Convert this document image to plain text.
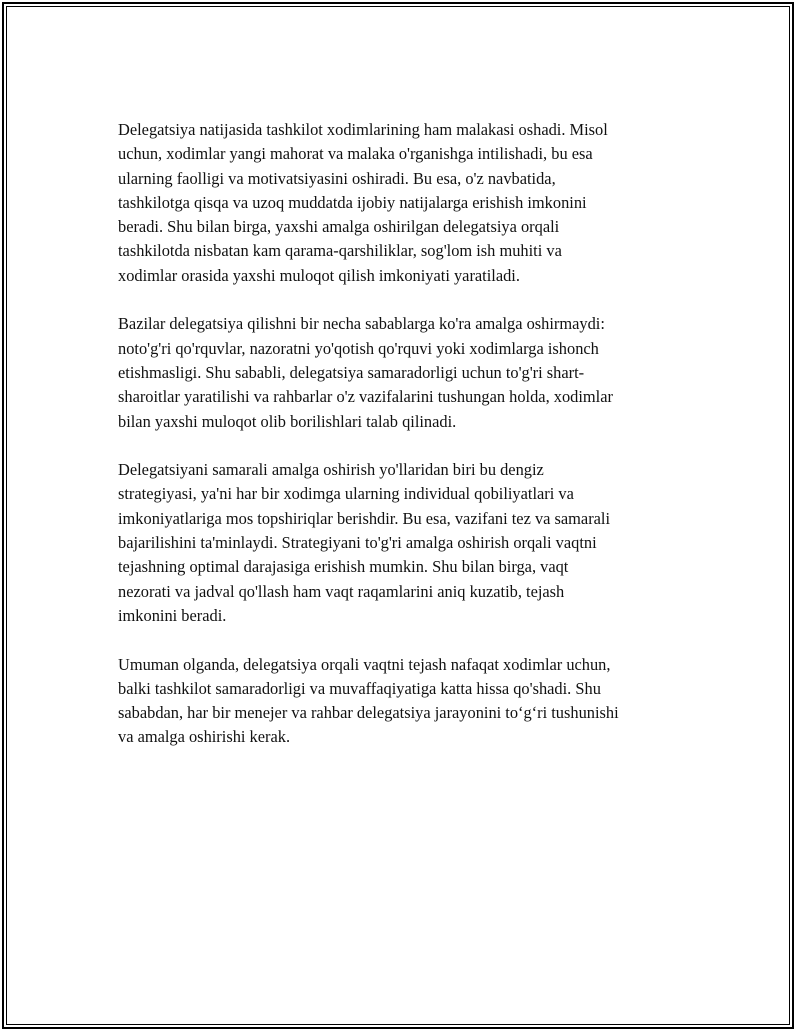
Delegatsiya natijasida tashkilot xodimlarining ham malakasi oshadi. Misol
uchun, xodimlar yangi mahorat va malaka o'rganishga intilishadi, bu esa
ularning faolligi va motivatsiyasini oshiradi. Bu esa, o'z navbatida,
tashkilotga qisqa va uzoq muddatda ijobiy natijalarga erishish imkonini
beradi. Shu bilan birga, yaxshi amalga oshirilgan delegatsiya orqali
tashkilotda nisbatan kam qarama-qarshiliklar, sog'lom ish muhiti va
xodimlar orasida yaxshi muloqot qilish imkoniyati yaratiladi.

Bazilar delegatsiya qilishni bir necha sabablarga ko'ra amalga oshirmaydi:
noto'g'ri qo'rquvlar, nazoratni yo'qotish qo'rquvi yoki xodimlarga ishonch
etishmasligi. Shu sababli, delegatsiya samaradorligi uchun to'g'ri shart-
sharoitlar yaratilishi va rahbarlar o'z vazifalarini tushungan holda, xodimlar
bilan yaxshi muloqot olib borilishlari talab qilinadi.

Delegatsiyani samarali amalga oshirish yo'llaridan biri bu dengiz
strategiyasi, ya'ni har bir xodimga ularning individual qobiliyatlari va
imkoniyatlariga mos topshiriqlar berishdir. Bu esa, vazifani tez va samarali
bajarilishini ta'minlaydi. Strategiyani to'g'ri amalga oshirish orqali vaqtni
tejashning optimal darajasiga erishish mumkin. Shu bilan birga, vaqt
nezorati va jadval qo'llash ham vaqt raqamlarini aniq kuzatib, tejash
imkonini beradi.

Umuman olganda, delegatsiya orqali vaqtni tejash nafaqat xodimlar uchun,
balki tashkilot samaradorligi va muvaffaqiyatiga katta hissa qo'shadi. Shu
sababdan, har bir menejer va rahbar delegatsiya jarayonini to‘g‘ri tushunishi
va amalga oshirishi kerak.
